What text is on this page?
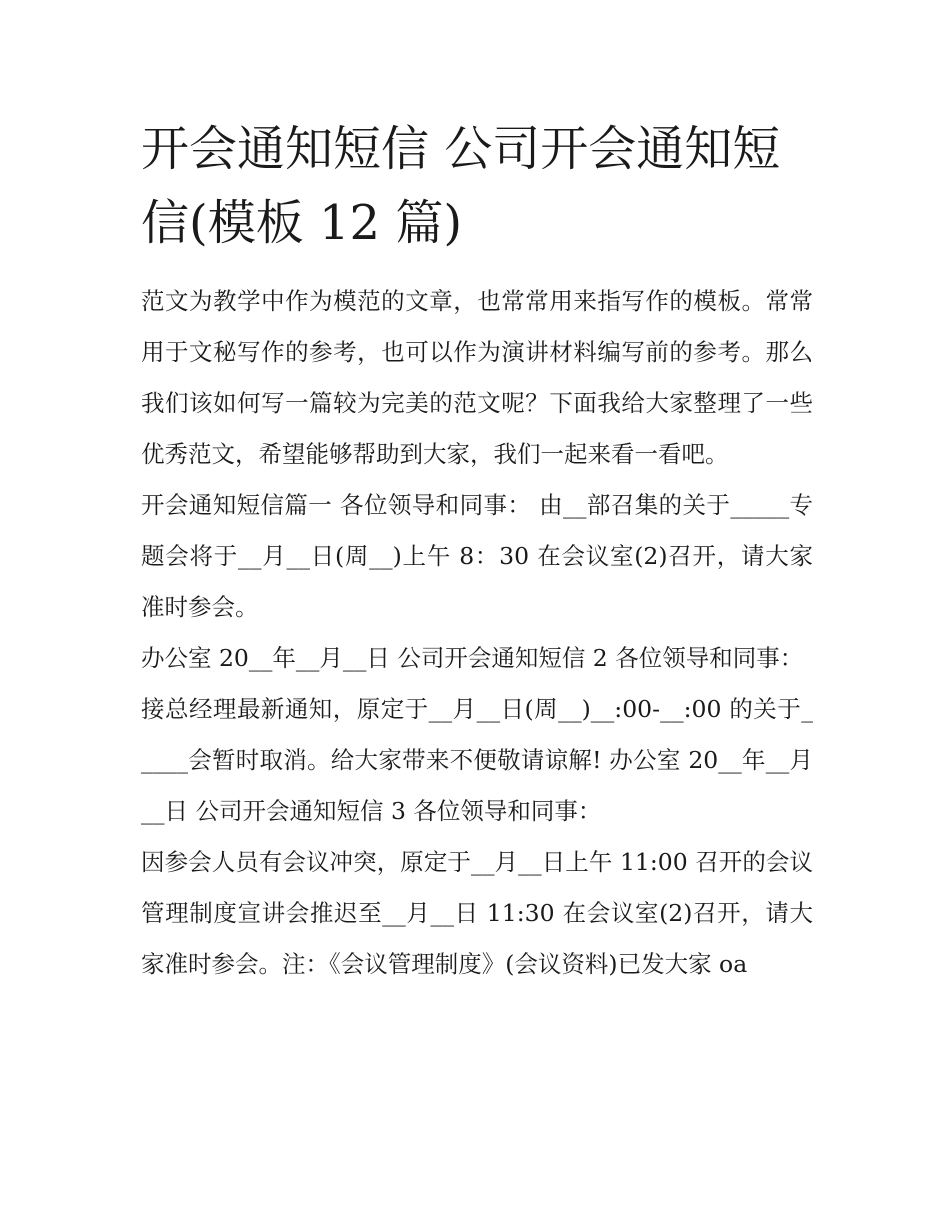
开会通知短信 公司开会通知短信(模板 12 篇)

范文为教学中作为模范的文章，也常常用来指写作的模板。常常用于文秘写作的参考，也可以作为演讲材料编写前的参考。那么我们该如何写一篇较为完美的范文呢？下面我给大家整理了一些优秀范文，希望能够帮助到大家，我们一起来看一看吧。

开会通知短信篇一 各位领导和同事： 由__部召集的关于_____专题会将于__月__日(周__)上午 8：30 在会议室(2)召开，请大家准时参会。

办公室 20__年__月__日 公司开会通知短信 2 各位领导和同事：

接总经理最新通知，原定于__月__日(周__)__:00-__:00 的关于_____会暂时取消。给大家带来不便敬请谅解! 办公室 20__年__月__日 公司开会通知短信 3 各位领导和同事：

因参会人员有会议冲突，原定于__月__日上午 11:00 召开的会议管理制度宣讲会推迟至__月__日 11:30 在会议室(2)召开，请大家准时参会。注：《会议管理制度》(会议资料)已发大家 oa
